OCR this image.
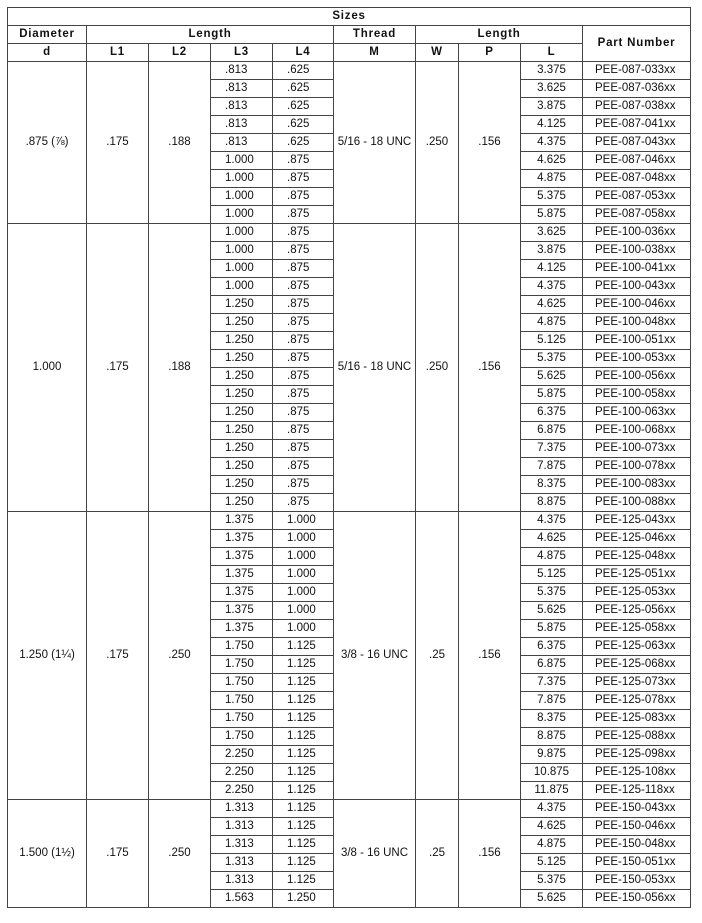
Sizes									
Diameter	Length				Thread	Length			Part Number
d	L1	L2	L3	L4	M	W	P	L	
.875 (⅞)	.175	.188	.813	.625	5/16 - 18 UNC	.250	.156	3.375	PEE-087-033xx
			.813	.625				3.625	PEE-087-036xx
			.813	.625				3.875	PEE-087-038xx
			.813	.625				4.125	PEE-087-041xx
			.813	.625				4.375	PEE-087-043xx
			1.000	.875				4.625	PEE-087-046xx
			1.000	.875				4.875	PEE-087-048xx
			1.000	.875				5.375	PEE-087-053xx
			1.000	.875				5.875	PEE-087-058xx
1.000	.175	.188	1.000	.875	5/16 - 18 UNC	.250	.156	3.625	PEE-100-036xx
			1.000	.875				3.875	PEE-100-038xx
			1.000	.875				4.125	PEE-100-041xx
			1.000	.875				4.375	PEE-100-043xx
			1.250	.875				4.625	PEE-100-046xx
			1.250	.875				4.875	PEE-100-048xx
			1.250	.875				5.125	PEE-100-051xx
			1.250	.875				5.375	PEE-100-053xx
			1.250	.875				5.625	PEE-100-056xx
			1.250	.875				5.875	PEE-100-058xx
			1.250	.875				6.375	PEE-100-063xx
			1.250	.875				6.875	PEE-100-068xx
			1.250	.875				7.375	PEE-100-073xx
			1.250	.875				7.875	PEE-100-078xx
			1.250	.875				8.375	PEE-100-083xx
			1.250	.875				8.875	PEE-100-088xx
1.250 (1¼)	.175	.250	1.375	1.000	3/8 - 16 UNC	.25	.156	4.375	PEE-125-043xx
			1.375	1.000				4.625	PEE-125-046xx
			1.375	1.000				4.875	PEE-125-048xx
			1.375	1.000				5.125	PEE-125-051xx
			1.375	1.000				5.375	PEE-125-053xx
			1.375	1.000				5.625	PEE-125-056xx
			1.375	1.000				5.875	PEE-125-058xx
			1.750	1.125				6.375	PEE-125-063xx
			1.750	1.125				6.875	PEE-125-068xx
			1.750	1.125				7.375	PEE-125-073xx
			1.750	1.125				7.875	PEE-125-078xx
			1.750	1.125				8.375	PEE-125-083xx
			1.750	1.125				8.875	PEE-125-088xx
			2.250	1.125				9.875	PEE-125-098xx
			2.250	1.125				10.875	PEE-125-108xx
			2.250	1.125				11.875	PEE-125-118xx
1.500 (1½)	.175	.250	1.313	1.125	3/8 - 16 UNC	.25	.156	4.375	PEE-150-043xx
			1.313	1.125				4.625	PEE-150-046xx
			1.313	1.125				4.875	PEE-150-048xx
			1.313	1.125				5.125	PEE-150-051xx
			1.313	1.125				5.375	PEE-150-053xx
			1.563	1.250				5.625	PEE-150-056xx
